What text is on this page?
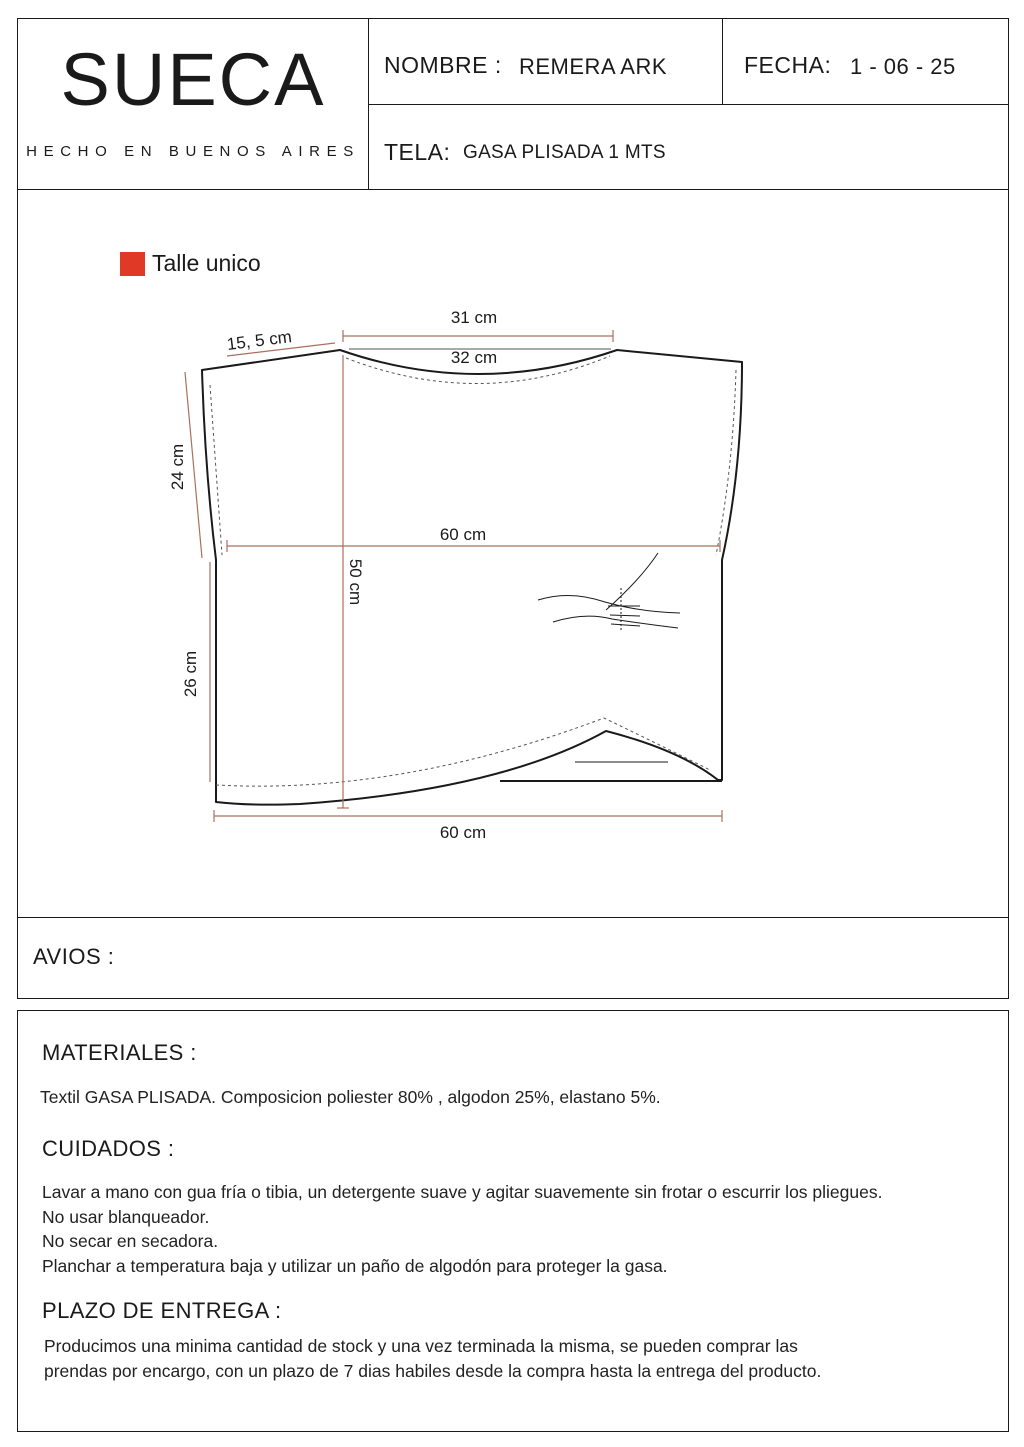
SUECA
HECHO EN BUENOS AIRES
NOMBRE : REMERA ARK	FECHA: 1 - 06 - 25
TELA: GASA PLISADA 1 MTS
Talle unico
31 cm
32 cm
15, 5 cm
24 cm
60 cm
50 cm
26 cm
60 cm
AVIOS :
MATERIALES :
Textil GASA PLISADA. Composicion poliester 80% , algodon 25%, elastano 5%.
CUIDADOS :
Lavar a mano con gua fría o tibia, un detergente suave y agitar suavemente sin frotar o escurrir los pliegues.
No usar blanqueador.
No secar en secadora.
Planchar a temperatura baja y utilizar un paño de algodón para proteger la gasa.
PLAZO DE ENTREGA :
Producimos una minima cantidad de stock y una vez terminada la misma, se pueden comprar las
prendas por encargo, con un plazo de 7 dias habiles desde la compra hasta la entrega del producto.
